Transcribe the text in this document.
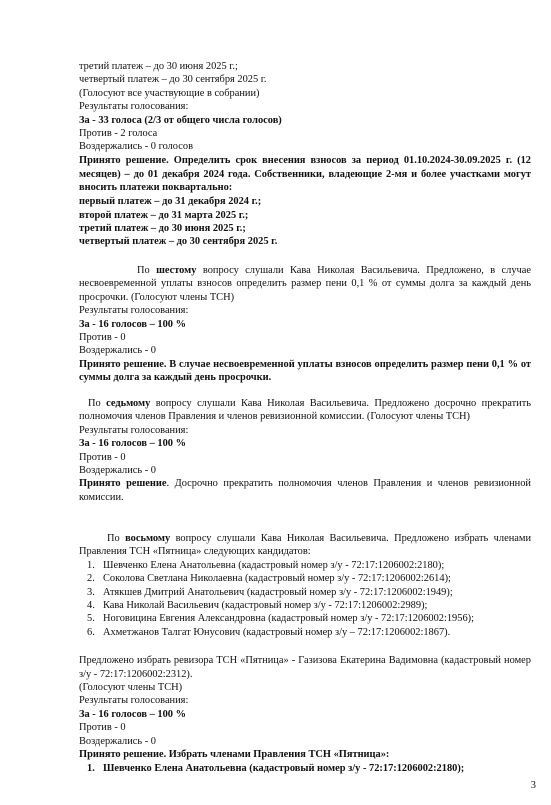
третий платеж – до 30 июня 2025 г.;
четвертый платеж – до 30 сентября 2025 г.
(Голосуют все участвующие в собрании)
Результаты голосования:
За - 33 голоса (2/3 от общего числа голосов)
Против - 2 голоса
Воздержались - 0 голосов
Принято решение. Определить срок внесения взносов за период 01.10.2024-30.09.2025 г. (12 месяцев) – до 01 декабря 2024 года. Собственники, владеющие 2-мя и более участками могут вносить платежи поквартально:
первый платеж – до 31 декабря 2024 г.;
второй платеж – до 31 марта 2025 г.;
третий платеж – до 30 июня 2025 г.;
четвертый платеж – до 30 сентября 2025 г.
По шестому вопросу слушали Кава Николая Васильевича. Предложено, в случае несвоевременной уплаты взносов определить размер пени 0,1 % от суммы долга за каждый день просрочки. (Голосуют члены ТСН)
Результаты голосования:
За - 16 голосов – 100 %
Против - 0
Воздержались - 0
Принято решение. В случае несвоевременной уплаты взносов определить размер пени 0,1 % от суммы долга за каждый день просрочки.
По седьмому вопросу слушали Кава Николая Васильевича. Предложено досрочно прекратить полномочия членов Правления и членов ревизионной комиссии. (Голосуют члены ТСН)
Результаты голосования:
За - 16 голосов – 100 %
Против - 0
Воздержались - 0
Принято решение. Досрочно прекратить полномочия членов Правления и членов ревизионной комиссии.
По восьмому вопросу слушали Кава Николая Васильевича. Предложено избрать членами Правления ТСН «Пятница» следующих кандидатов:
1. Шевченко Елена Анатольевна (кадастровый номер з/у - 72:17:1206002:2180);
2. Соколова Светлана Николаевна (кадастровый номер з/у - 72:17:1206002:2614);
3. Атякшев Дмитрий Анатольевич (кадастровый номер з/у - 72:17:1206002:1949);
4. Кава Николай Васильевич (кадастровый номер з/у - 72:17:1206002:2989);
5. Ноговицина Евгения Александровна (кадастровый номер з/у - 72:17:1206002:1956);
6. Ахметжанов Талгат Юнусович (кадастровый номер з/у – 72:17:1206002:1867).
Предложено избрать ревизора ТСН «Пятница» - Газизова Екатерина Вадимовна (кадастровый номер з/у - 72:17:1206002:2312).
(Голосуют члены ТСН)
Результаты голосования:
За - 16 голосов – 100 %
Против - 0
Воздержались - 0
Принято решение. Избрать членами Правления ТСН «Пятница»:
1. Шевченко Елена Анатольевна (кадастровый номер з/у - 72:17:1206002:2180);
3
